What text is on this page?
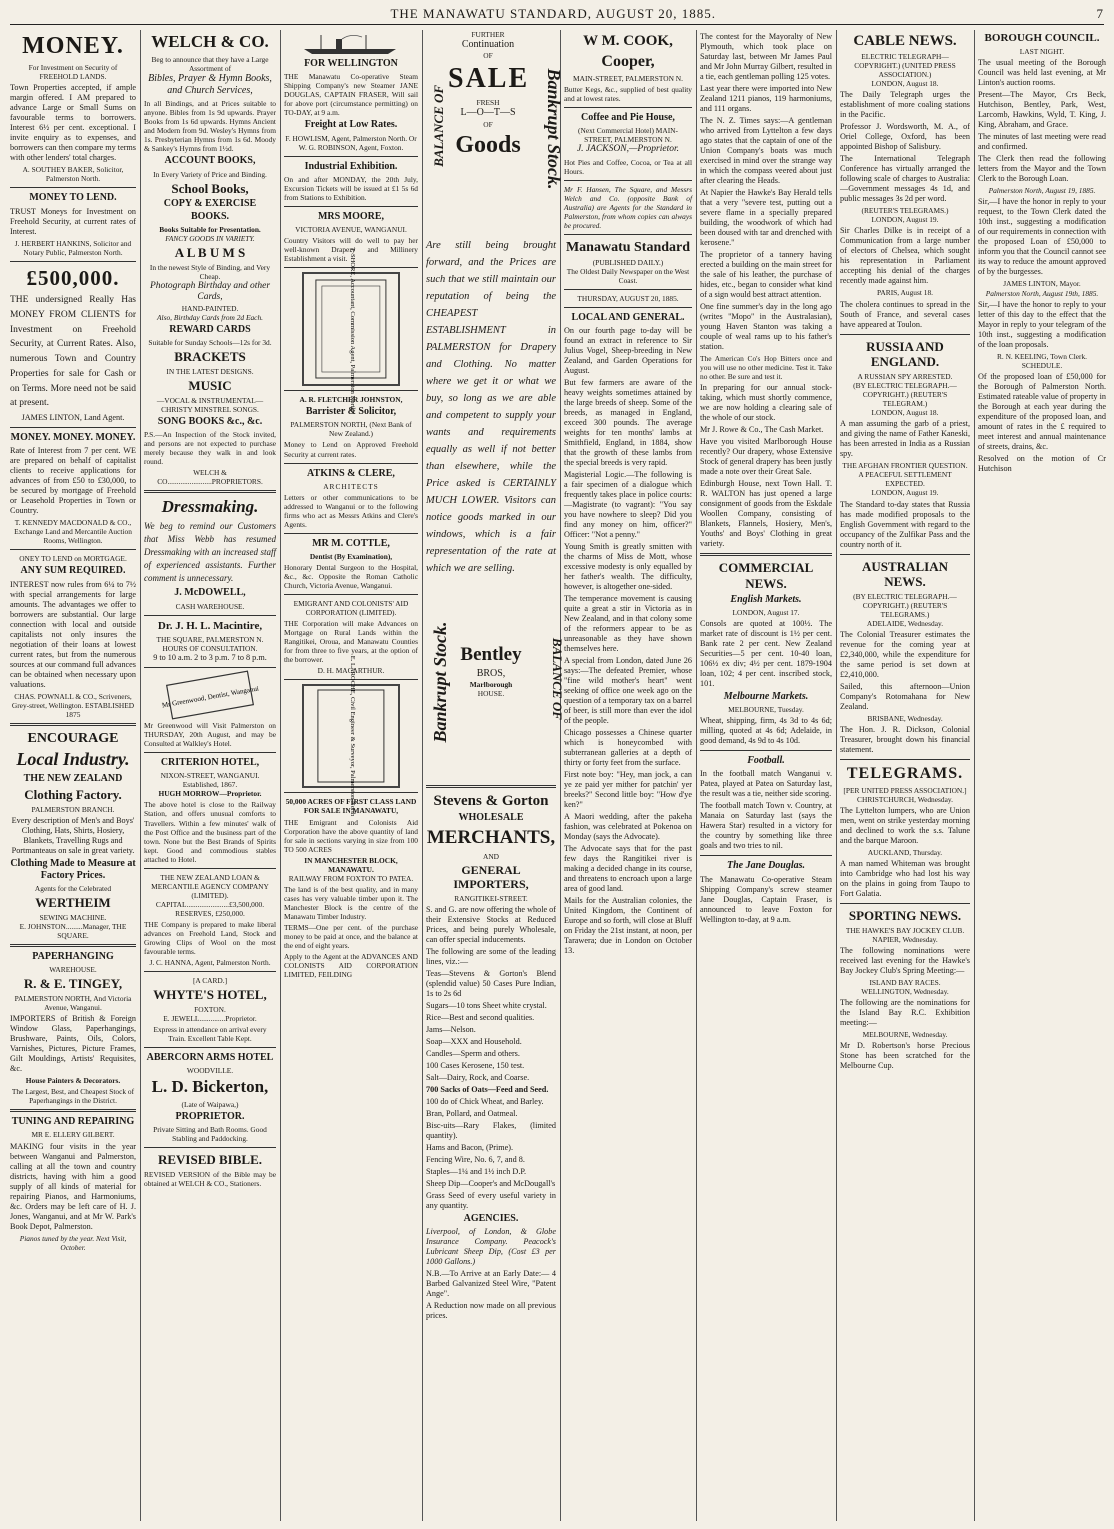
THE MANAWATU STANDARD, AUGUST 20, 1885.	7
MONEY.
For Investment on Security of FREEHOLD LANDS.

Town Properties accepted, if ample margin offered. I AM prepared to advance Large or Small Sums on favourable terms to borrowers. Interest 6½ per cent. exceptional. I invite enquiry as to expenses, and borrowers can then compare my terms with other lenders' total charges.

A. SOUTHEY BAKER, Solicitor, Palmerston North.
MONEY TO LEND.

TRUST Moneys for Investment on Freehold Security, at current rates of Interest.

J. HERBERT HANKINS, Solicitor and Notary Public, Palmerston North.
£500,000.

THE undersigned Really Has MONEY FROM CLIENTS for Investment on Freehold Security, at Current Rates. Also, numerous Town and Country Properties for sale for Cash or on Terms. More need not be said at present.

JAMES LINTON, Land Agent.
MONEY. MONEY. MONEY.

Rate of Interest from 7 per cent. WE are prepared on behalf of capitalist clients to receive applications for advances of from £50 to £30,000, to be secured by mortgage of Freehold or Leasehold Properties in Town or Country.

T. KENNEDY MACDONALD & CO., Exchange Land and Mercantile Auction Rooms, Wellington.
ONEY TO LEND on MORTGAGE.
ANY SUM REQUIRED.

INTEREST now rules from 6¼ to 7½ with special arrangements for large amounts. The advantages we offer to borrowers are substantial. Our large connection with local and outside capitalists not only insures the negotiation of their loans at lowest current rates, but from the numerous sources at our command full advances can be obtained when necessary upon valuations.

CHAS. POWNALL & CO., Scriveners, Grey-street, Wellington. ESTABLISHED 1875
ENCOURAGE
Local Industry.
THE NEW ZEALAND
Clothing Factory.
PALMERSTON BRANCH.

Every description of Men's and Boys' Clothing, Hats, Shirts, Hosiery, Blankets, Travelling Rugs and Portmanteaus on sale in great variety.

Clothing Made to Measure at Factory Prices.
Agents for the Celebrated
WERTHEIM
SEWING MACHINE.
E. JOHNSTON.........Manager, THE SQUARE.
PAPERHANGING
WAREHOUSE.
R. & E. TINGEY,
PALMERSTON NORTH, And Victoria Avenue, Wanganui.

IMPORTERS of British & Foreign Window Glass, Paperhangings, Brushware, Paints, Oils, Colors, Varnishes, Pictures, Picture Frames, Gilt Mouldings, Artists' Requisites, &c.

House Painters & Decorators.

The Largest, Best, and Cheapest Stock of Paperhangings in the District.

TUNING AND REPAIRING
MR E. ELLERY GILBERT.

MAKING four visits in the year between Wanganui and Palmerston, calling at all the town and country districts, having with him a good supply of all kinds of material for repairing Pianos, and Harmoniums, &c. Orders may be left care of H. J. Jones, Wanganui, and at Mr W. Park's Book Depot, Palmerston.

Pianos tuned by the year. Next Visit, October.
WELCH & CO.
Beg to announce that they have a Large Assortment of
Bibles, Prayer & Hymn Books, and Church Services,

In all Bindings, and at Prices suitable to anyone. Bibles from 1s 9d upwards. Prayer Books from 1s 6d upwards. Hymns Ancient and Modern from 9d. Wesley's Hymns from 1s. Presbyterian Hymns from 1s 6d. Moody & Sankey's Hymns from 1½d.

ACCOUNT BOOKS,
In Every Variety of Price and Binding.
School Books,
COPY & EXERCISE BOOKS.
Books Suitable for Presentation.
FANCY GOODS IN VARIETY.
A L B U M S
In the newest Style of Binding, and Very Cheap.
Photograph Birthday and other Cards,
HAND-PAINTED.
Also, Birthday Cards from 2d Each.
REWARD CARDS
Suitable for Sunday Schools—12s for 3d.
BRACKETS
IN THE LATEST DESIGNS.
MUSIC
—VOCAL & INSTRUMENTAL— CHRISTY MINSTREL SONGS.
SONG BOOKS &c., &c.

P.S.—An Inspection of the Stock invited, and persons are not expected to purchase merely because they walk in and look round.

WELCH & CO........................PROPRIETORS.
Dressmaking.

We beg to remind our Customers that Miss Webb has resumed Dressmaking with an increased staff of experienced assistants. Further comment is unnecessary.

J. McDOWELL,
CASH WAREHOUSE.
Dr. J. H. L. Macintire,
THE SQUARE, PALMERSTON N.
HOURS OF CONSULTATION.
9 to 10 a.m. 2 to 3 p.m. 7 to 8 p.m.
Mr Greenwood, Dentist, Wanganui

Mr Greenwood will Visit Palmerston on THURSDAY, 20th August, and may be Consulted at Walkley's Hotel.

CRITERION HOTEL,
NIXON-STREET, WANGANUI. Established, 1867.
HUGH MORROW—Proprietor.

The above hotel is close to the Railway Station, and offers unusual comforts to Travellers. Within a few minutes' walk of the Post Office and the business part of the town. None but the Best Brands of Spirits kept. Good and commodious stables attached to Hotel.

THE NEW ZEALAND LOAN & MERCANTILE AGENCY COMPANY (LIMITED).
CAPITAL.......................£3,500,000.
RESERVES, £250,000.

THE Company is prepared to make liberal advances on Freehold Land, Stock and Growing Clips of Wool on the most favourable terms.

J. C. HANNA, Agent, Palmerston North.
[A CARD.]
WHYTE'S HOTEL,
FOXTON.
E. JEWELL..............Proprietor.

Express in attendance on arrival every Train. Excellent Table Kept.

ABERCORN ARMS HOTEL
WOODVILLE.
L. D. Bickerton,
(Late of Waipawa,)
PROPRIETOR.

Private Sitting and Bath Rooms. Good Stabling and Paddocking.

REVISED BIBLE.

REVISED VERSION of the Bible may be obtained at WELCH & CO., Stationers.

FOR WELLINGTON

THE Manawatu Co-operative Steam Shipping Company's new Steamer JANE DOUGLAS, CAPTAIN FRASER, Will sail for above port (circumstance permitting) on TO-DAY, at 9 a.m.

Freight at Low Rates.
F. HOWLISM, Agent, Palmerston North. Or W. G. ROBINSON, Agent, Foxton.
Industrial Exhibition.

On and after MONDAY, the 20th July, Excursion Tickets will be issued at £1 5s 6d from Stations to Exhibition.

MRS MOORE,
VICTORIA AVENUE, WANGANUI.

Country Visitors will do well to pay her well-known Drapery and Millinery Establishment a visit. T. SHORE, Accountant, Commission Agent, Palmerston North
A. R. FLETCHER JOHNSTON,
Barrister & Solicitor,
PALMERSTON NORTH, (Next Bank of New Zealand.)

Money to Lend on Approved Freehold Security at current rates.

ATKINS & CLERE,
ARCHITECTS

Letters or other communications to be addressed to Wanganui or to the following firms who act as Messrs Atkins and Clere's Agents.

MR M. COTTLE,
Dentist (By Examination),

Honorary Dental Surgeon to the Hospital, &c., &c. Opposite the Roman Catholic Church, Victoria Avenue, Wanganui.

EMIGRANT AND COLONISTS' AID CORPORATION (LIMITED).

THE Corporation will make Advances on Mortgage on Rural Lands within the Rangitikei, Oroua, and Manawatu Counties for from three to five years, at the option of the borrower.

D. H. MACARTHUR.
E. LAROCHE, Civil Engineer & Surveyor, Palmerston North
50,000 ACRES OF FIRST CLASS LAND FOR SALE IN MANAWATU,

THE Emigrant and Colonists Aid Corporation have the above quantity of land for sale in sections varying in size from 100 TO 500 ACRES

IN MANCHESTER BLOCK, MANAWATU.
RAILWAY FROM FOXTON TO PATEA.

The land is of the best quality, and in many cases has very valuable timber upon it. The Manchester Block is the centre of the Manawatu Timber Industry.

TERMS—One per cent. of the purchase money to be paid at once, and the balance at the end of eight years.

Apply to the Agent at the ADVANCES AND COLONISTS AID CORPORATION LIMITED, FEILDING

BALANCE OF	Bankrupt Stock.
FURTHER
Continuation
OF
SALE
FRESH
L—O—T—S
OF
Goods

Are still being brought forward, and the Prices are such that we still maintain our reputation of being the CHEAPEST ESTABLISHMENT in PALMERSTON for Drapery and Clothing. No matter where we get it or what we buy, so long as we are able and competent to supply your wants and requirements equally as well if not better than elsewhere, while the Price asked is CERTAINLY MUCH LOWER. Visitors can notice goods marked in our windows, which is a fair representation of the rate at which we are selling.

Bankrupt Stock.	BALANCE OF
Bentley
BROS,
Marlborough
HOUSE.
Stevens & Gorton
WHOLESALE
MERCHANTS,
AND
GENERAL IMPORTERS,
RANGITIKEI-STREET.

S. and G. are now offering the whole of their Extensive Stocks at Reduced Prices, and being purely Wholesale, can offer special inducements.

The following are some of the leading lines, viz.:—

Teas—Stevens & Gorton's Blend (splendid value) 50 Cases Pure Indian, 1s to 2s 6d

Sugars—10 tons Sheet white crystal.

Rice—Best and second qualities.

Jams—Nelson.

Soap—XXX and Household.

Candles—Sperm and others.

100 Cases Kerosene, 150 test.

Salt—Dairy, Rock, and Coarse.

700 Sacks of Oats—Feed and Seed.

100 do of Chick Wheat, and Barley.

Bran, Pollard, and Oatmeal.

Bisc-uits—Rary Flakes, (limited quantity).

Hams and Bacon, (Prime).

Fencing Wire, No. 6, 7, and 8.

Staples—1¼ and 1½ inch D.P.

Sheep Dip—Cooper's and McDougall's

Grass Seed of every useful variety in any quantity.

AGENCIES.

Liverpool, of London, & Globe Insurance Company. Peacock's Lubricant Sheep Dip, (Cost £3 per 1000 Gallons.)

N.B.—To Arrive at an Early Date:— 4 Barbed Galvanized Steel Wire, "Patent Ange".

A Reduction now made on all previous prices.

W M. COOK,
Cooper,
MAIN-STREET, PALMERSTON N.

Butter Kegs, &c., supplied of best quality and at lowest rates.

Coffee and Pie House,
(Next Commercial Hotel) MAIN-STREET, PALMERSTON N.
J. JACKSON,—Proprietor.

Hot Pies and Coffee, Cocoa, or Tea at all Hours.

Mr F. Hansen, The Square, and Messrs Welch and Co. (opposite Bank of Australia) are Agents for the Standard in Palmerston, from whom copies can always be procured.

Manawatu Standard
(PUBLISHED DAILY.)
The Oldest Daily Newspaper on the West Coast.
THURSDAY, AUGUST 20, 1885.
LOCAL AND GENERAL.

On our fourth page to-day will be found an extract in reference to Sir Julius Vogel, Sheep-breeding in New Zealand, and Garden Operations for August.

But few farmers are aware of the heavy weights sometimes attained by the large breeds of sheep. Some of the breeds, as managed in England, exceed 300 pounds. The average weights for ten months' lambs at Smithfield, England, in 1884, show that the growth of these lambs from the special breeds is very rapid.

Magisterial Logic.—The following is a fair specimen of a dialogue which frequently takes place in police courts:—Magistrate (to vagrant): "You say you have nowhere to sleep? Did you find any money on him, officer?" Officer: "Not a penny."

Young Smith is greatly smitten with the charms of Miss de Mott, whose excessive modesty is only equalled by her father's wealth. The difficulty, however, is altogether one-sided.

The temperance movement is causing quite a great a stir in Victoria as in New Zealand, and in that colony some of the reformers appear to be as unreasonable as they have shown themselves here.

A special from London, dated June 26 says:—The defeated Premier, whose "fine wild mother's heart" went seeking of office one week ago on the question of a temporary tax on a barrel of beer, is still more than ever the idol of the people.

Chicago possesses a Chinese quarter which is honeycombed with subterranean galleries at a depth of thirty or forty feet from the surface.

First note boy: "Hey, man jock, a can ye ze paid yer mither for patchin' yer breeks?" Second little boy: "How d'ye ken?"

A Maori wedding, after the pakeha fashion, was celebrated at Pokenoa on Monday (says the Advocate).

The Advocate says that for the past few days the Rangitikei river is making a decided change in its course, and threatens to encroach upon a large area of good land.

Mails for the Australian colonies, the United Kingdom, the Continent of Europe and so forth, will close at Bluff on Friday the 21st instant, at noon, per Tarawera; due in London on October 13.

The contest for the Mayoralty of New Plymouth, which took place on Saturday last, between Mr James Paul and Mr John Murray Gilbert, resulted in a tie, each gentleman polling 125 votes.

Last year there were imported into New Zealand 1211 pianos, 119 harmoniums, and 111 organs.

The N. Z. Times says:—A gentleman who arrived from Lyttelton a few days ago states that the captain of one of the Union Company's boats was much exercised in mind over the strange way in which the compass veered about just after clearing the Heads.

At Napier the Hawke's Bay Herald tells that a very "severe test, putting out a severe flame in a specially prepared building, the woodwork of which had been doused with tar and drenched with kerosene."

The proprietor of a tannery having erected a building on the main street for the sale of his leather, the purchase of hides, etc., began to consider what kind of a sign would best attract attention.

One fine summer's day in the long ago (writes "Mopo" in the Australasian), young Haven Stanton was taking a couple of weal rams up to his father's station.

The American Co's Hop Bitters once and you will use no other medicine. Test it. Take no other. Be sure and test it.

In preparing for our annual stock-taking, which must shortly commence, we are now holding a clearing sale of the whole of our stock.

Mr J. Rowe & Co., The Cash Market.

Have you visited Marlborough House recently? Our drapery, whose Extensive Stock of general drapery has been justly made a note over their Great Sale.

Edinburgh House, next Town Hall. T. R. WALTON has just opened a large consignment of goods from the Eskdale Woollen Company, consisting of Blankets, Flannels, Hosiery, Men's, Youths' and Boys' Clothing in great variety.

COMMERCIAL NEWS.
English Markets.
LONDON, August 17.

Consols are quoted at 100½. The market rate of discount is 1½ per cent. Bank rate 2 per cent. New Zealand Securities—5 per cent. 10-40 loan, 106½ ex div; 4½ per cent. 1879-1904 loan, 102; 4 per cent. inscribed stock, 101.

Melbourne Markets.
MELBOURNE, Tuesday.

Wheat, shipping, firm, 4s 3d to 4s 6d; milling, quoted at 4s 6d; Adelaide, in good demand, 4s 9d to 4s 10d.

Football.

In the football match Wanganui v. Patea, played at Patea on Saturday last, the result was a tie, neither side scoring.

The football match Town v. Country, at Manaia on Saturday last (says the Hawera Star) resulted in a victory for the country by something like three goals and two tries to nil.

The Jane Douglas.

The Manawatu Co-operative Steam Shipping Company's screw steamer Jane Douglas, Captain Fraser, is announced to leave Foxton for Wellington to-day, at 9 a.m.

CABLE NEWS.
ELECTRIC TELEGRAPH—COPYRIGHT.) (UNITED PRESS ASSOCIATION.)
LONDON, August 18.

The Daily Telegraph urges the establishment of more coaling stations in the Pacific.

Professor J. Wordsworth, M. A., of Oriel College, Oxford, has been appointed Bishop of Salisbury.

The International Telegraph Conference has virtually arranged the following scale of charges to Australia:—Government messages 4s 1d, and public messages 3s 2d per word.

(REUTER'S TELEGRAMS.)
LONDON, August 19.

Sir Charles Dilke is in receipt of a Communication from a large number of electors of Chelsea, which sought his representation in Parliament accepting his denial of the charges recently made against him.

PARIS, August 18.

The cholera continues to spread in the South of France, and several cases have appeared at Toulon.

RUSSIA AND ENGLAND.
A RUSSIAN SPY ARRESTED.
(BY ELECTRIC TELEGRAPH.—COPYRIGHT.) (REUTER'S TELEGRAM.)
LONDON, August 18.

A man assuming the garb of a priest, and giving the name of Father Kaneski, has been arrested in India as a Russian spy.

THE AFGHAN FRONTIER QUESTION.
A PEACEFUL SETTLEMENT EXPECTED.
LONDON, August 19.

The Standard to-day states that Russia has made modified proposals to the English Government with regard to the occupancy of the Zulfikar Pass and the country north of it.

AUSTRALIAN NEWS.
(BY ELECTRIC TELEGRAPH.—COPYRIGHT.) (REUTER'S TELEGRAMS.)
ADELAIDE, Wednesday.

The Colonial Treasurer estimates the revenue for the coming year at £2,340,000, while the expenditure for the same period is set down at £2,410,000.

Sailed, this afternoon—Union Company's Rotomahana for New Zealand.

BRISBANE, Wednesday.

The Hon. J. R. Dickson, Colonial Treasurer, brought down his financial statement.

TELEGRAMS.
[PER UNITED PRESS ASSOCIATION.]
CHRISTCHURCH, Wednesday.

The Lyttelton lumpers, who are Union men, went on strike yesterday morning and declined to work the s.s. Talune and the barque Maroon.

AUCKLAND, Thursday.

A man named Whiteman was brought into Cambridge who had lost his way on the plains in going from Taupo to Fort Galatia.

SPORTING NEWS.
THE HAWKE'S BAY JOCKEY CLUB.
NAPIER, Wednesday.

The following nominations were received last evening for the Hawke's Bay Jockey Club's Spring Meeting:—

ISLAND BAY RACES.
WELLINGTON, Wednesday.

The following are the nominations for the Island Bay R.C. Exhibition meeting:—

MELBOURNE, Wednesday.

Mr D. Robertson's horse Precious Stone has been scratched for the Melbourne Cup.

BOROUGH COUNCIL.
LAST NIGHT.

The usual meeting of the Borough Council was held last evening, at Mr Linton's auction rooms.

Present—The Mayor, Crs Beck, Hutchison, Bentley, Park, West, Larcomb, Hawkins, Wyld, T. King, J. King, Abraham, and Grace.

The minutes of last meeting were read and confirmed.

The Clerk then read the following letters from the Mayor and the Town Clerk to the Borough Loan.

Palmerston North, August 19, 1885.

Sir,—I have the honor in reply to your request, to the Town Clerk dated the 10th inst., suggesting a modification of our requirements in connection with the proposed Loan of £50,000 to inform you that the Council cannot see its way to reduce the amount approved of by the burgesses.

JAMES LINTON, Mayor.
Palmerston North, August 19th, 1885.

Sir,—I have the honor to reply to your letter of this day to the effect that the Mayor in reply to your telegram of the 10th inst., suggesting a modification of the loan proposals.

R. N. KEELING, Town Clerk.
SCHEDULE.

Of the proposed loan of £50,000 for the Borough of Palmerston North. Estimated rateable value of property in the Borough at each year during the expenditure of the proposed loan, and amount of rates in the £ required to meet interest and annual maintenance of streets, drains, &c.

Resolved on the motion of Cr Hutchison
